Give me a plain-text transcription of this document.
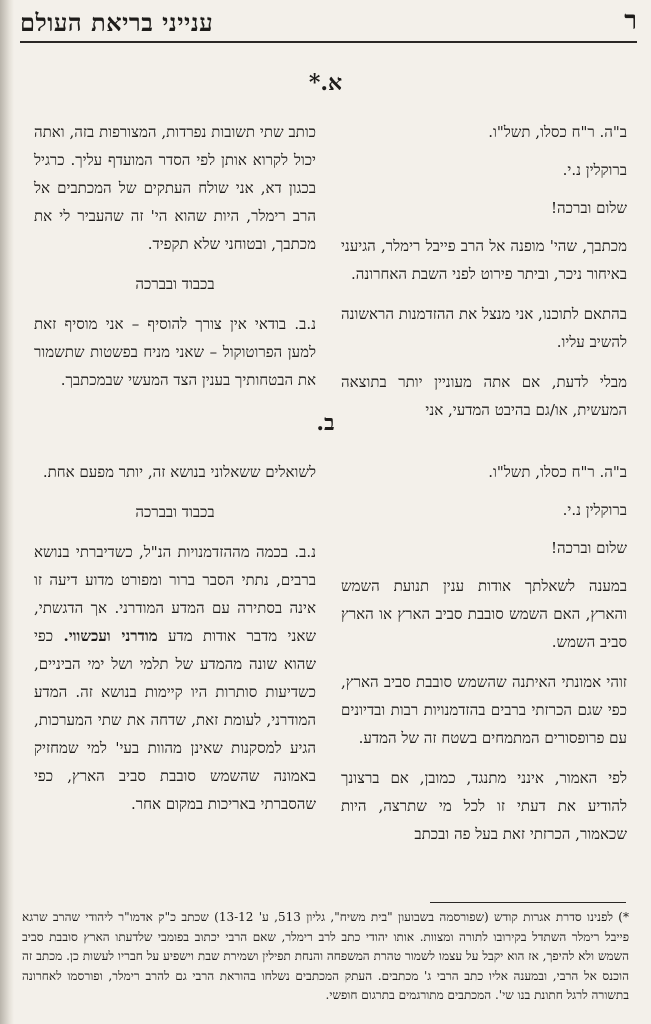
ר
ענייני בריאת העולם
א.*

ב"ה. ר"ח כסלו, תשל"ו.

ברוקלין נ.י.

שלום וברכה!

מכתבך, שהי' מופנה אל הרב פייבל רימלר, הגיעני באיחור ניכר, וביתר פירוט לפני השבת האחרונה.

בהתאם לתוכנו, אני מנצל את ההזדמנות הראשונה להשיב עליו.

מבלי לדעת, אם אתה מעוניין יותר בתוצאה המעשית, או/גם בהיבט המדעי, אני

כותב שתי תשובות נפרדות, המצורפות בזה, ואתה יכול לקרוא אותן לפי הסדר המועדף עליך. כרגיל בכגון דא, אני שולח העתקים של המכתבים אל הרב רימלר, היות שהוא הי' זה שהעביר לי את מכתבך, ובטוחני שלא תקפיד.

בכבוד ובברכה

נ.ב. בודאי אין צורך להוסיף – אני מוסיף זאת למען הפרוטוקול – שאני מניח בפשטות שתשמור את הבטחותיך בענין הצד המעשי שבמכתבך.

ב.

ב"ה. ר"ח כסלו, תשל"ו.

ברוקלין נ.י.

שלום וברכה!

במענה לשאלתך אודות ענין תנועת השמש והארץ, האם השמש סובבת סביב הארץ או הארץ סביב השמש.

זוהי אמונתי האיתנה שהשמש סובבת סביב הארץ, כפי שגם הכרזתי ברבים בהזדמנויות רבות ובדיונים עם פרופסורים המתמחים בשטח זה של המדע.

לפי האמור, אינני מתנגד, כמובן, אם ברצונך להודיע את דעתי זו לכל מי שתרצה, היות שכאמור, הכרזתי זאת בעל פה ובכתב

לשואלים ששאלוני בנושא זה, יותר מפעם אחת.

בכבוד ובברכה

נ.ב. בכמה מההזדמנויות הנ"ל, כשדיברתי בנושא ברבים, נתתי הסבר ברור ומפורט מדוע דיעה זו אינה בסתירה עם המדע המודרני. אך הדגשתי, שאני מדבר אודות מדע מודרני ועכשווי. כפי שהוא שונה מהמדע של תלמי ושל ימי הביניים, כשדיעות סותרות היו קיימות בנושא זה. המדע המודרני, לעומת זאת, שדחה את שתי המערכות, הגיע למסקנות שאינן מהוות בעי' למי שמחזיק באמונה שהשמש סובבת סביב הארץ, כפי שהסברתי באריכות במקום אחר.

*) לפנינו סדרת אגרות קודש (שפורסמה בשבועון "בית משיח", גליון 513, ע' 13-12) שכתב כ"ק אדמו"ר ליהודי שהרב שרגא פייבל רימלר השתדל בקירובו לתורה ומצוות. אותו יהודי כתב לרב רימלר, שאם הרבי יכתוב בפומבי שלדעתו הארץ סובבת סביב השמש ולא להיפך, אז הוא יקבל על עצמו לשמור טהרת המשפחה והנחת תפילין ושמירת שבת וישפיע על חבריו לעשות כן. מכתב זה הוכנס אל הרבי, ובמענה אליו כתב הרבי ג' מכתבים. העתק המכתבים נשלחו בהוראת הרבי גם להרב רימלר, ופורסמו לאחרונה בתשורה לרגל חתונת בנו שי'. המכתבים מתורגמים בתרגום חופשי.
